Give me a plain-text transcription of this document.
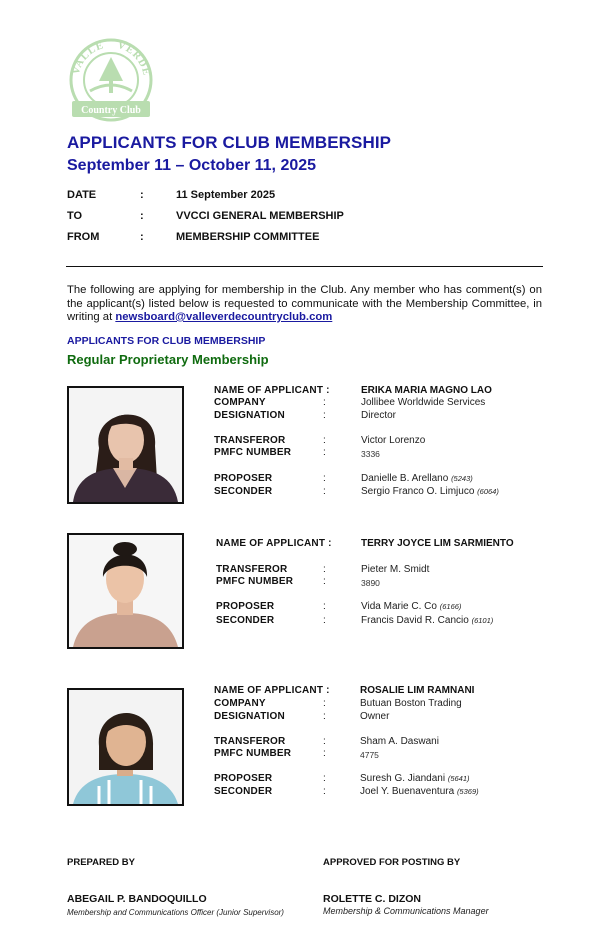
VALLE VERDE
Country Club
APPLICANTS FOR CLUB MEMBERSHIP
September 11 – October 11, 2025
DATE	:	11 September 2025
TO	:	VVCCI GENERAL MEMBERSHIP
FROM	:	MEMBERSHIP COMMITTEE
The following are applying for membership in the Club. Any member who has comment(s) on the applicant(s) listed below is requested to communicate with the Membership Committee, in writing at newsboard@valleverdecountryclub.com
APPLICANTS FOR CLUB MEMBERSHIP
Regular Proprietary Membership
NAME OF APPLICANT :	ERIKA MARIA MAGNO LAO
COMPANY	:	Jollibee Worldwide Services
DESIGNATION	:	Director
TRANSFEROR	:	Victor Lorenzo
PMFC NUMBER	:	3336
PROPOSER	:	Danielle B. Arellano (5243)
SECONDER	:	Sergio Franco O. Limjuco (6064)
NAME OF APPLICANT :	TERRY JOYCE LIM SARMIENTO
TRANSFEROR	:	Pieter M. Smidt
PMFC NUMBER	:	3890
PROPOSER	:	Vida Marie C. Co (6166)
SECONDER	:	Francis David R. Cancio (6101)
NAME OF APPLICANT :	ROSALIE LIM RAMNANI
COMPANY	:	Butuan Boston Trading
DESIGNATION	:	Owner
TRANSFEROR	:	Sham A. Daswani
PMFC NUMBER	:	4775
PROPOSER	:	Suresh G. Jiandani (5641)
SECONDER	:	Joel Y. Buenaventura (5369)
PREPARED BY
ABEGAIL P. BANDOQUILLO
Membership and Communications Officer (Junior Supervisor)
APPROVED FOR POSTING BY
ROLETTE C. DIZON
Membership & Communications Manager
